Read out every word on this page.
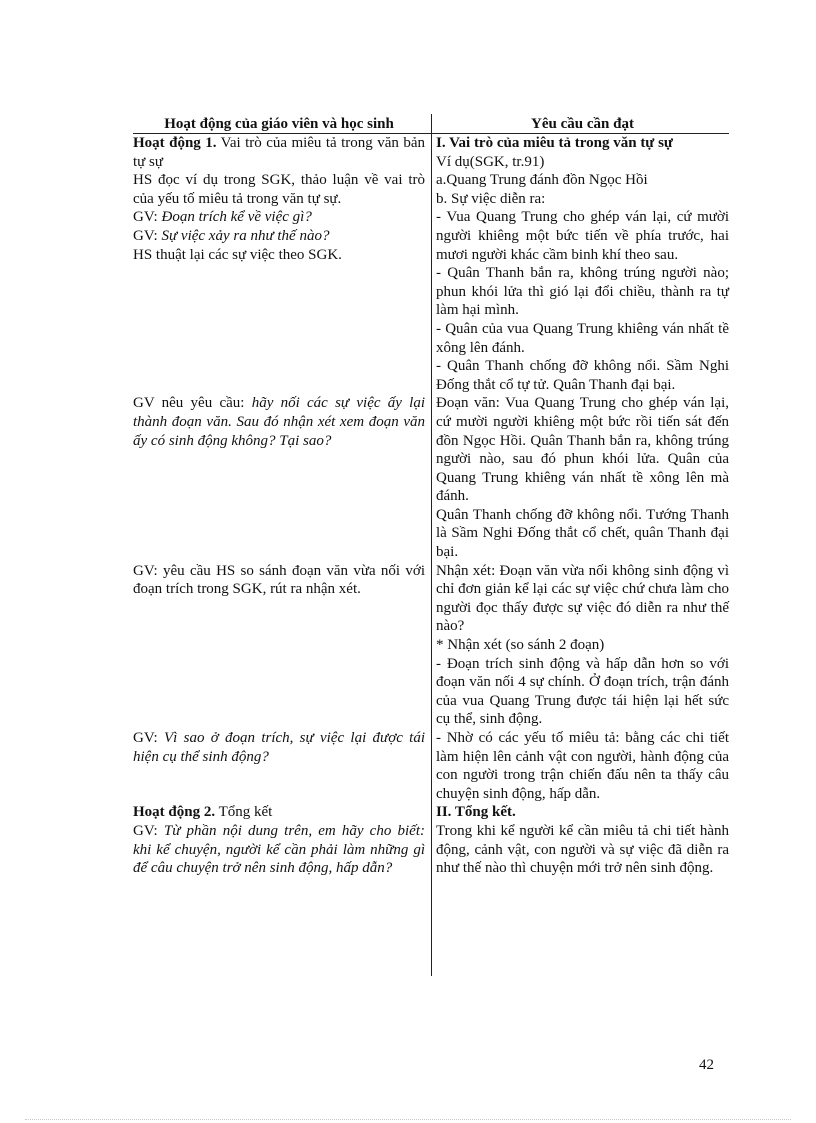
Hoạt động của giáo viên và học sinh	Yêu cầu cần đạt
Hoạt động 1. Vai trò của miêu tả trong văn bản tự sự
HS đọc ví dụ trong SGK, thảo luận về vai trò của yếu tố miêu tả trong văn tự sự.
GV: Đoạn trích kể về việc gì?
GV: Sự việc xảy ra như thế nào?
HS thuật lại các sự việc theo SGK.
I. Vai trò của miêu tả trong văn tự sự
Ví dụ(SGK, tr.91)
a.Quang Trung đánh đồn Ngọc Hồi
b. Sự việc diễn ra:
- Vua Quang Trung cho ghép ván lại, cứ mười người khiêng một bức tiến về phía trước, hai mươi người khác cầm binh khí theo sau.
- Quân Thanh bắn ra, không trúng người nào; phun khói lửa thì gió lại đổi chiều, thành ra tự làm hại mình.
- Quân của vua Quang Trung khiêng ván nhất tề xông lên đánh.
- Quân Thanh chống đỡ không nổi. Sầm Nghi Đống thắt cổ tự tử. Quân Thanh đại bại.
GV nêu yêu cầu: hãy nối các sự việc ấy lại thành đoạn văn. Sau đó nhận xét xem đoạn văn ấy có sinh động không? Tại sao?
Đoạn văn: Vua Quang Trung cho ghép ván lại, cứ mười người khiêng một bức rồi tiến sát đến đồn Ngọc Hồi. Quân Thanh bắn ra, không trúng người nào, sau đó phun khói lửa. Quân của Quang Trung khiêng ván nhất tề xông lên mà đánh.
Quân Thanh chống đỡ không nổi. Tướng Thanh là Sầm Nghi Đống thắt cổ chết, quân Thanh đại bại.
GV: yêu cầu HS so sánh đoạn văn vừa nối với đoạn trích trong SGK, rút ra nhận xét.
Nhận xét: Đoạn văn vừa nối không sinh động vì chỉ đơn giản kể lại các sự việc chứ chưa làm cho người đọc thấy được sự việc đó diễn ra như thế nào?
* Nhận xét (so sánh 2 đoạn)
- Đoạn trích sinh động và hấp dẫn hơn so với đoạn văn nối 4 sự chính. Ở đoạn trích, trận đánh của vua Quang Trung được tái hiện lại hết sức cụ thể, sinh động.
GV: Vì sao ở đoạn trích, sự việc lại được tái hiện cụ thể sinh động?
- Nhờ có các yếu tố miêu tả: bằng các chi tiết làm hiện lên cảnh vật con người, hành động của con người trong trận chiến đấu nên ta thấy câu chuyện sinh động, hấp dẫn.
Hoạt động 2. Tổng kết
GV: Từ phần nội dung trên, em hãy cho biết: khi kể chuyện, người kể cần phải làm những gì để câu chuyện trở nên sinh động, hấp dẫn?
II. Tổng kết.
Trong khi kể người kể cần miêu tả chi tiết hành động, cảnh vật, con người và sự việc đã diễn ra như thế nào thì chuyện mới trở nên sinh động.
42
